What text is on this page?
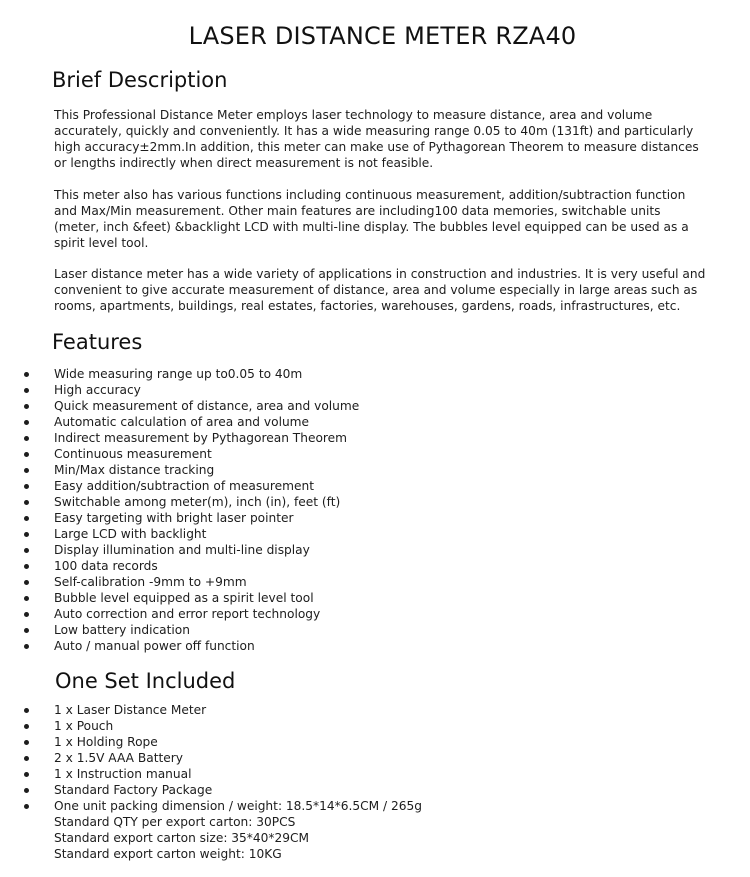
LASER DISTANCE METER RZA40
Brief Description

This Professional Distance Meter employs laser technology to measure distance, area and volume accurately, quickly and conveniently. It has a wide measuring range 0.05 to 40m (131ft) and particularly high accuracy±2mm.In addition, this meter can make use of Pythagorean Theorem to measure distances or lengths indirectly when direct measurement is not feasible.

This meter also has various functions including continuous measurement, addition/subtraction function and Max/Min measurement. Other main features are including100 data memories, switchable units (meter, inch &feet) &backlight LCD with multi-line display. The bubbles level equipped can be used as a spirit level tool.

Laser distance meter has a wide variety of applications in construction and industries. It is very useful and convenient to give accurate measurement of distance, area and volume especially in large areas such as rooms, apartments, buildings, real estates, factories, warehouses, gardens, roads, infrastructures, etc.

Features
Wide measuring range up to0.05 to 40m
High accuracy
Quick measurement of distance, area and volume
Automatic calculation of area and volume
Indirect measurement by Pythagorean Theorem
Continuous measurement
Min/Max distance tracking
Easy addition/subtraction of measurement
Switchable among meter(m), inch (in), feet (ft)
Easy targeting with bright laser pointer
Large LCD with backlight
Display illumination and multi-line display
100 data records
Self-calibration -9mm to +9mm
Bubble level equipped as a spirit level tool
Auto correction and error report technology
Low battery indication
Auto / manual power off function
One Set Included
1 x Laser Distance Meter
1 x Pouch
1 x Holding Rope
2 x 1.5V AAA Battery
1 x Instruction manual
Standard Factory Package
One unit packing dimension / weight: 18.5*14*6.5CM / 265g
Standard QTY per export carton: 30PCS
Standard export carton size: 35*40*29CM
Standard export carton weight: 10KG
